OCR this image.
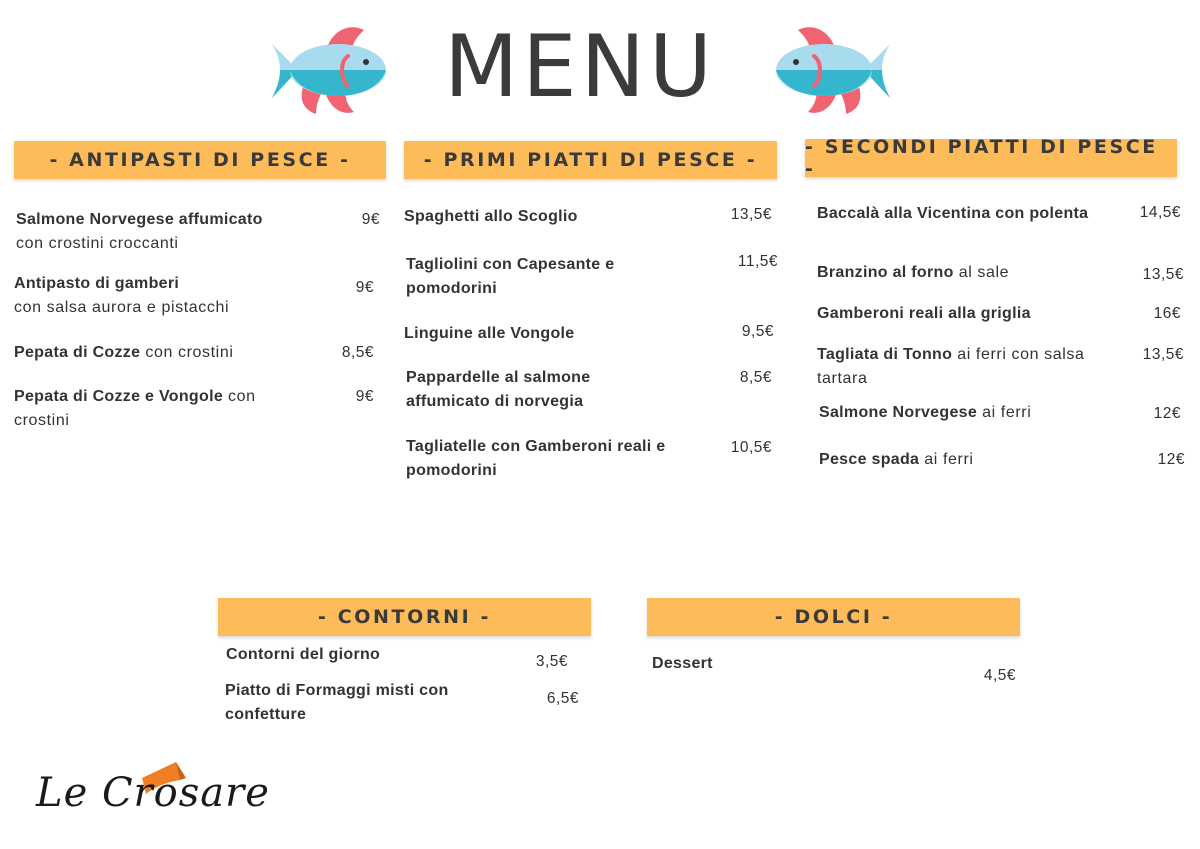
MENU
- ANTIPASTI DI PESCE -
Salmone Norvegese affumicato
con crostini croccanti
9€
Antipasto di gamberi
con salsa aurora e pistacchi
9€
Pepata di Cozze con crostini	8,5€
Pepata di Cozze e Vongole con crostini
9€
- PRIMI PIATTI DI PESCE -
Spaghetti allo Scoglio	13,5€
Tagliolini con Capesante e pomodorini
11,5€
Linguine alle Vongole	9,5€
Pappardelle al salmone affumicato di norvegia
8,5€
Tagliatelle con Gamberoni reali e pomodorini
10,5€
- SECONDI PIATTI DI PESCE -
Baccalà alla Vicentina con polenta	14,5€
Branzino al forno al sale	13,5€
Gamberoni reali alla griglia	16€
Tagliata di Tonno ai ferri con salsa tartara
13,5€
Salmone Norvegese ai ferri	12€
Pesce spada ai ferri	12€
- CONTORNI -
Contorni del giorno	3,5€
Piatto di Formaggi misti con confetture
6,5€
- DOLCI -
Dessert
4,5€
Le Crosare
